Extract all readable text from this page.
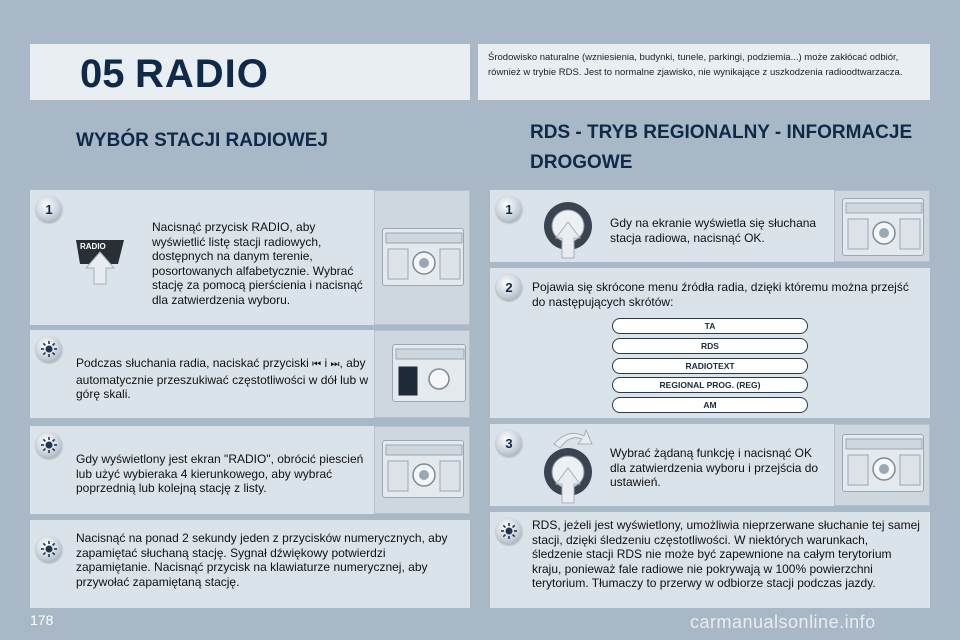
05 RADIO	Środowisko naturalne (wzniesienia, budynki, tunele, parkingi, podziemia...) może zakłócać odbiór, również w trybie RDS. Jest to normalne zjawisko, nie wynikające z uszkodzenia radioodtwarzacza.
WYBÓR STACJI RADIOWEJ	RDS - TRYB REGIONALNY - INFORMACJE DROGOWE
1
RADIO
Nacisnąć przycisk RADIO, aby wyświetlić listę stacji radiowych, dostępnych na danym terenie, posortowanych alfabetycznie. Wybrać stację za pomocą pierścienia i nacisnąć dla zatwierdzenia wyboru.
Podczas słuchania radia, naciskać przyciski ⏮ i ⏭, aby automatycznie przeszukiwać częstotliwości w dół lub w górę skali.
Gdy wyświetlony jest ekran "RADIO", obrócić piescień lub użyć wybieraka 4 kierunkowego, aby wybrać poprzednią lub kolejną stację z listy.
Nacisnąć na ponad 2 sekundy jeden z przycisków numerycznych, aby zapamiętać słuchaną stację. Sygnał dźwiękowy potwierdzi zapamiętanie. Nacisnąć przycisk na klawiaturze numerycznej, aby przywołać zapamiętaną stację.
1
Gdy na ekranie wyświetla się słuchana stacja radiowa, nacisnąć OK.
2	Pojawia się skrócone menu źródła radia, dzięki któremu można przejść do następujących skrótów:
TA
RDS
RADIOTEXT
REGIONAL PROG. (REG)
AM
3
Wybrać żądaną funkcję i nacisnąć OK dla zatwierdzenia wyboru i przejścia do ustawień.
RDS, jeżeli jest wyświetlony, umożliwia nieprzerwane słuchanie tej samej stacji, dzięki śledzeniu częstotliwości. W niektórych warunkach, śledzenie stacji RDS nie może być zapewnione na całym terytorium kraju, ponieważ fale radiowe nie pokrywają w 100% powierzchni terytorium. Tłumaczy to przerwy w odbiorze stacji podczas jazdy.
178	carmanualsonline.info
